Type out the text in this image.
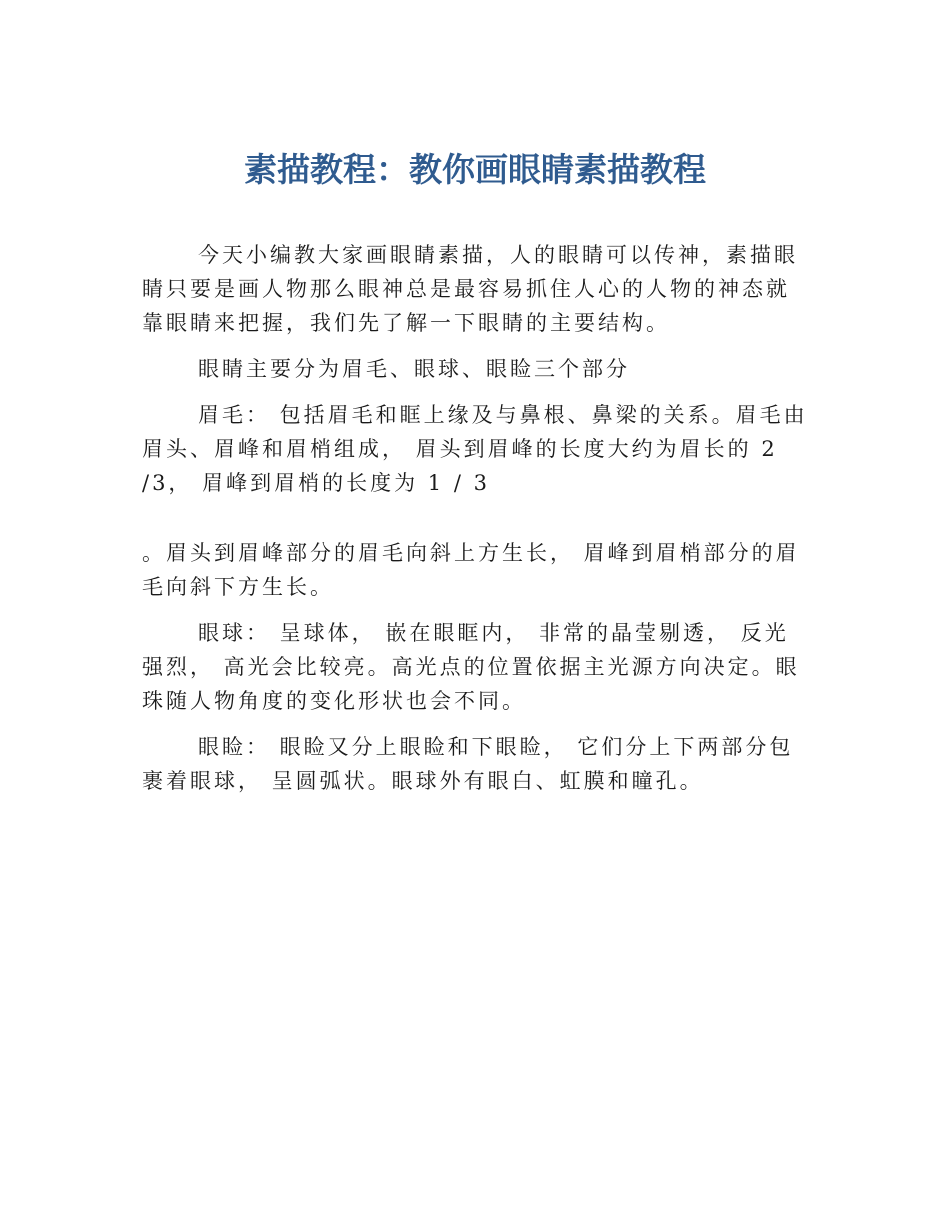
素描教程：教你画眼睛素描教程

今天小编教大家画眼睛素描，人的眼睛可以传神，素描眼睛只要是画人物那么眼神总是最容易抓住人心的人物的神态就靠眼睛来把握，我们先了解一下眼睛的主要结构。

眼睛主要分为眉毛、眼球、眼睑三个部分

眉毛： 包括眉毛和眶上缘及与鼻根、鼻梁的关系。眉毛由眉头、眉峰和眉梢组成， 眉头到眉峰的长度大约为眉长的 2 /3， 眉峰到眉梢的长度为 1 / 3

。眉头到眉峰部分的眉毛向斜上方生长， 眉峰到眉梢部分的眉毛向斜下方生长。

眼球： 呈球体， 嵌在眼眶内， 非常的晶莹剔透， 反光强烈， 高光会比较亮。高光点的位置依据主光源方向决定。眼珠随人物角度的变化形状也会不同。

眼睑： 眼睑又分上眼睑和下眼睑， 它们分上下两部分包裹着眼球， 呈圆弧状。眼球外有眼白、虹膜和瞳孔。
